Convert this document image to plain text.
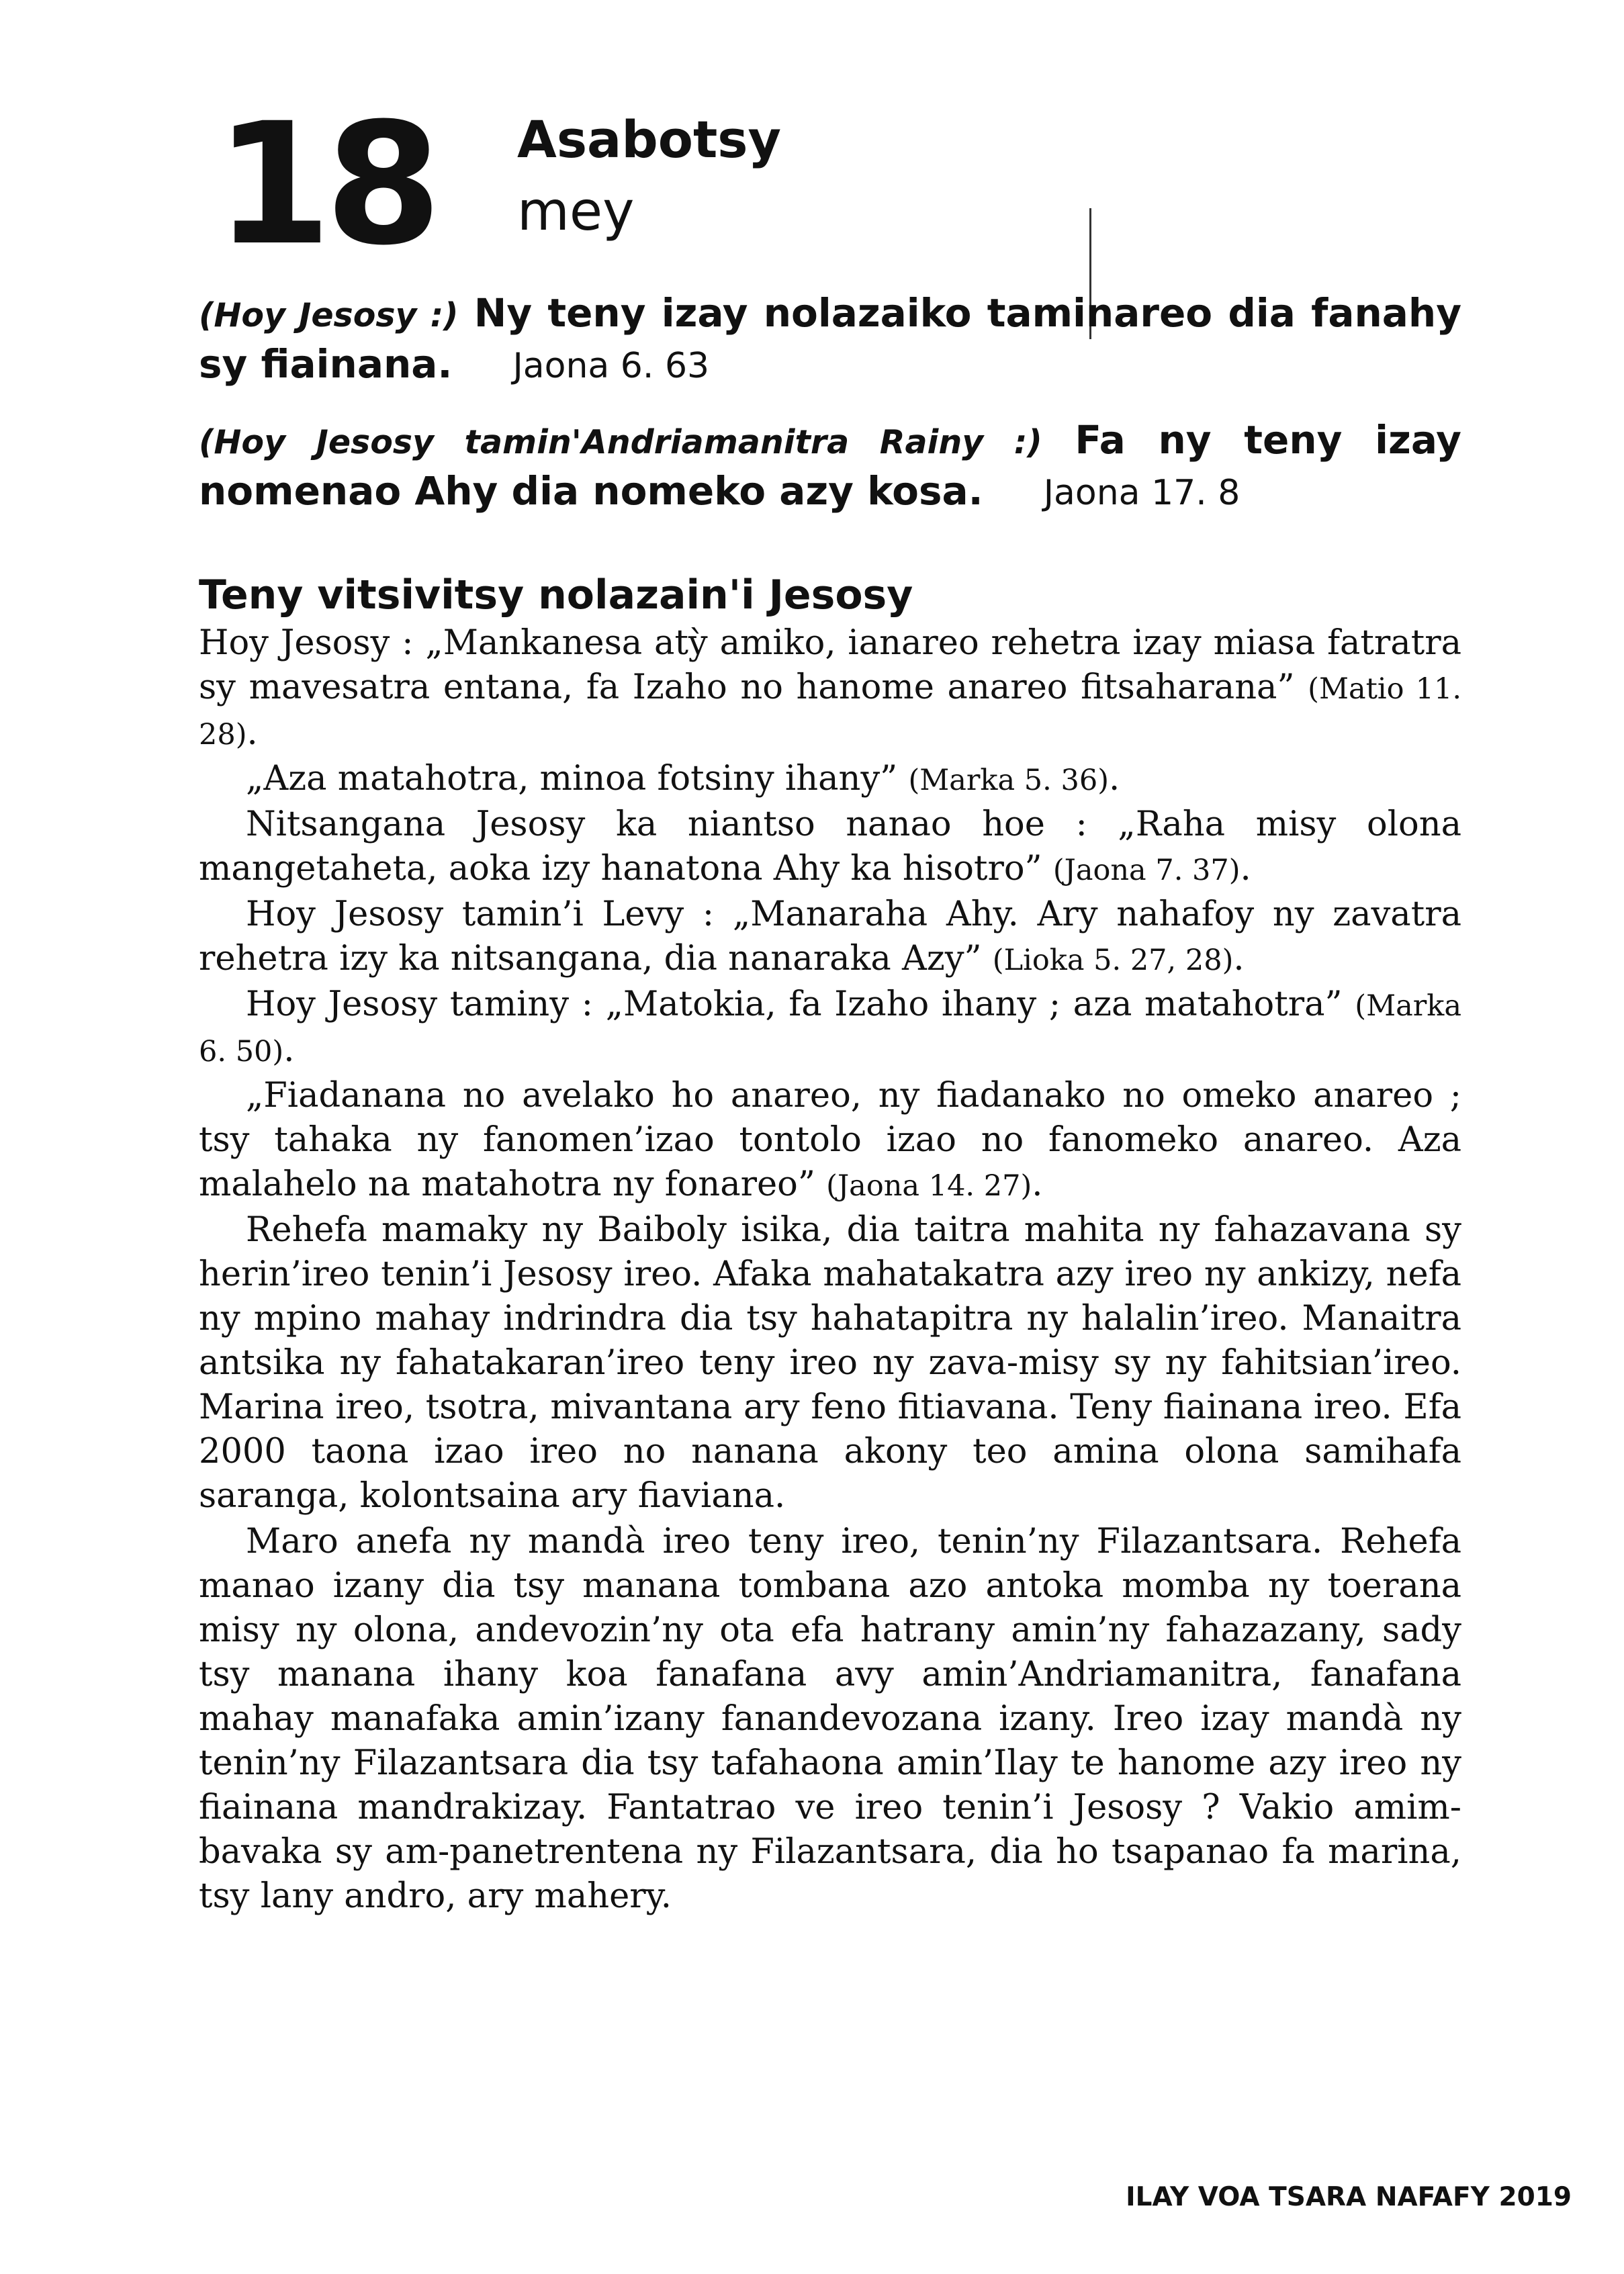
18 Asabotsy
mey

(Hoy Jesosy :) Ny teny izay nolazaiko taminareo dia fanahy sy fiainana. Jaona 6. 63

(Hoy Jesosy tamin'Andriamanitra Rainy :) Fa ny teny izay nomenao Ahy dia nomeko azy kosa. Jaona 17. 8

Teny vitsivitsy nolazain'i Jesosy

Hoy Jesosy : „Mankanesa atỳ amiko, ianareo rehetra izay miasa fatratra sy mavesatra entana, fa Izaho no hanome anareo fitsaharana” (Matio 11. 28).

„Aza matahotra, minoa fotsiny ihany” (Marka 5. 36).

Nitsangana Jesosy ka niantso nanao hoe : „Raha misy olona mangetaheta, aoka izy hanatona Ahy ka hisotro” (Jaona 7. 37).

Hoy Jesosy tamin’i Levy : „Manaraha Ahy. Ary nahafoy ny zavatra rehetra izy ka nitsangana, dia nanaraka Azy” (Lioka 5. 27, 28).

Hoy Jesosy taminy : „Matokia, fa Izaho ihany ; aza matahotra” (Marka 6. 50).

„Fiadanana no avelako ho anareo, ny fiadanako no omeko anareo ; tsy tahaka ny fanomen’izao tontolo izao no fanomeko anareo. Aza malahelo na matahotra ny fonareo” (Jaona 14. 27).

Rehefa mamaky ny Baiboly isika, dia taitra mahita ny fahazavana sy herin’ireo tenin’i Jesosy ireo. Afaka mahatakatra azy ireo ny ankizy, nefa ny mpino mahay indrindra dia tsy hahatapitra ny halalin’ireo. Manaitra antsika ny fahatakaran’ireo teny ireo ny zava-misy sy ny fahitsian’ireo. Marina ireo, tsotra, mivantana ary feno fitiavana. Teny fiainana ireo. Efa 2000 taona izao ireo no nanana akony teo amina olona samihafa saranga, kolontsaina ary fiaviana.

Maro anefa ny mandà ireo teny ireo, tenin’ny Filazantsara. Rehefa manao izany dia tsy manana tombana azo antoka momba ny toerana misy ny olona, andevozin’ny ota efa hatrany amin’ny fahazazany, sady tsy manana ihany koa fanafana avy amin’Andriamanitra, fanafana mahay manafaka amin’izany fanandevozana izany. Ireo izay mandà ny tenin’ny Filazantsara dia tsy tafahaona amin’Ilay te hanome azy ireo ny fiainana mandrakizay. Fantatrao ve ireo tenin’i Jesosy ? Vakio amim-bavaka sy am-panetrentena ny Filazantsara, dia ho tsapanao fa marina, tsy lany andro, ary mahery.

ILAY VOA TSARA NAFAFY 2019
